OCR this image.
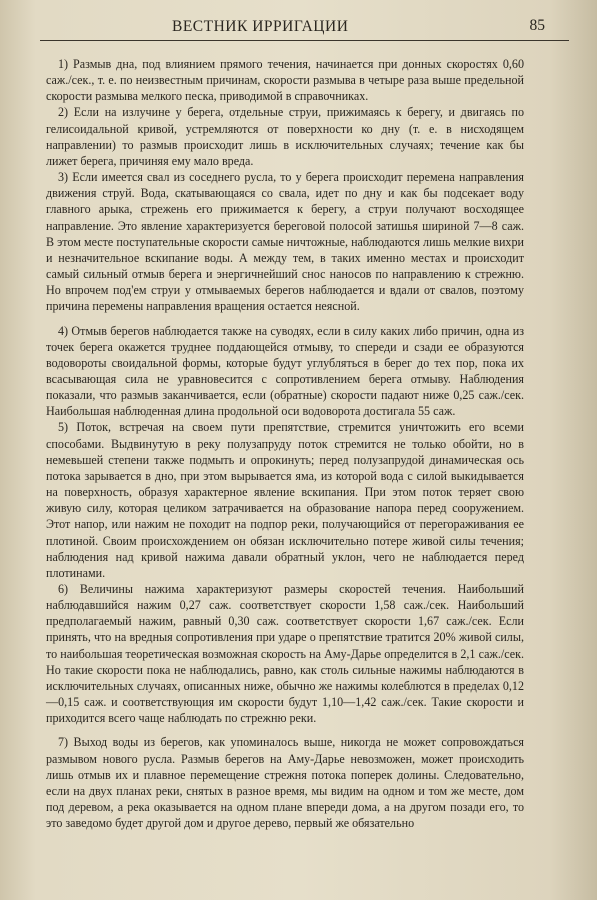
ВЕСТНИК ИРРИГАЦИИ	85

1) Размыв дна, под влиянием прямого течения, начинается при донных скоростях 0,60 саж./сек., т. е. по неизвестным причинам, скорости размыва в четыре раза выше предельной скорости размыва мелкого песка, приводимой в справочниках.

2) Если на излучине у берега, отдельные струи, прижимаясь к берегу, и двигаясь по гелисоидальной кривой, устремляются от поверхности ко дну (т. е. в нисходящем направлении) то размыв происходит лишь в исключительных случаях; течение как бы лижет берега, причиняя ему мало вреда.

3) Если имеется свал из соседнего русла, то у берега происходит перемена направления движения струй. Вода, скатывающаяся со свала, идет по дну и как бы подсекает воду главного арыка, стрежень его прижимается к берегу, а струи получают восходящее направление. Это явление характеризуется береговой полосой затишья шириной 7—8 саж. В этом месте поступательные скорости самые ничтожные, наблюдаются лишь мелкие вихри и незначительное вскипание воды. А между тем, в таких именно местах и происходит самый сильный отмыв берега и энергичнейший снос наносов по направлению к стрежню. Но впрочем под'ем струи у отмываемых берегов наблюдается и вдали от свалов, поэтому причина перемены направления вращения остается неясной.

4) Отмыв берегов наблюдается также на суводях, если в силу каких либо причин, одна из точек берега окажется труднее поддающейся отмыву, то спереди и сзади ее образуются водовороты своидальной формы, которые будут углубляться в берег до тех пор, пока их всасывающая сила не уравновесится с сопротивлением берега отмыву. Наблюдения показали, что размыв заканчивается, если (обратные) скорости падают ниже 0,25 саж./сек. Наибольшая наблюденная длина продольной оси водоворота достигала 55 саж.

5) Поток, встречая на своем пути препятствие, стремится уничтожить его всеми способами. Выдвинутую в реку полузапруду поток стремится не только обойти, но в немевьшей степени также подмыть и опрокинуть; перед полузапрудой динамическая ось потока зарывается в дно, при этом вырывается яма, из которой вода с силой выкидывается на поверхность, образуя характерное явление вскипания. При этом поток теряет свою живую силу, которая целиком затрачивается на образование напора перед сооружением. Этот напор, или нажим не походит на подпор реки, получающийся от перегораживания ее плотиной. Своим происхождением он обязан исключительно потере живой силы течения; наблюдения над кривой нажима давали обратный уклон, чего не наблюдается перед плотинами.

6) Величины нажима характеризуют размеры скоростей течения. Наибольший наблюдавшийся нажим 0,27 саж. соответствует скорости 1,58 саж./сек. Наибольший предполагаемый нажим, равный 0,30 саж. соответствует скорости 1,67 саж./сек. Если принять, что на вредныя сопротивления при ударе о препятствие тратится 20% живой силы, то наибольшая теоретическая возможная скорость на Аму-Дарье определится в 2,1 саж./сек. Но такие скорости пока не наблюдались, равно, как столь сильные нажимы наблюдаются в исключительных случаях, описанных ниже, обычно же нажимы колеблются в пределах 0,12—0,15 саж. и соответствующия им скорости будут 1,10—1,42 саж./сек. Такие скорости и приходится всего чаще наблюдать по стрежню реки.

7) Выход воды из берегов, как упоминалось выше, никогда не может сопровождаться размывом нового русла. Размыв берегов на Аму-Дарье невозможен, может происходить лишь отмыв их и плавное перемещение стрежня потока поперек долины. Следовательно, если на двух планах реки, снятых в разное время, мы видим на одном и том же месте, дом под деревом, а река оказывается на одном плане впереди дома, а на другом позади его, то это заведомо будет другой дом и другое дерево, первый же обязательно
